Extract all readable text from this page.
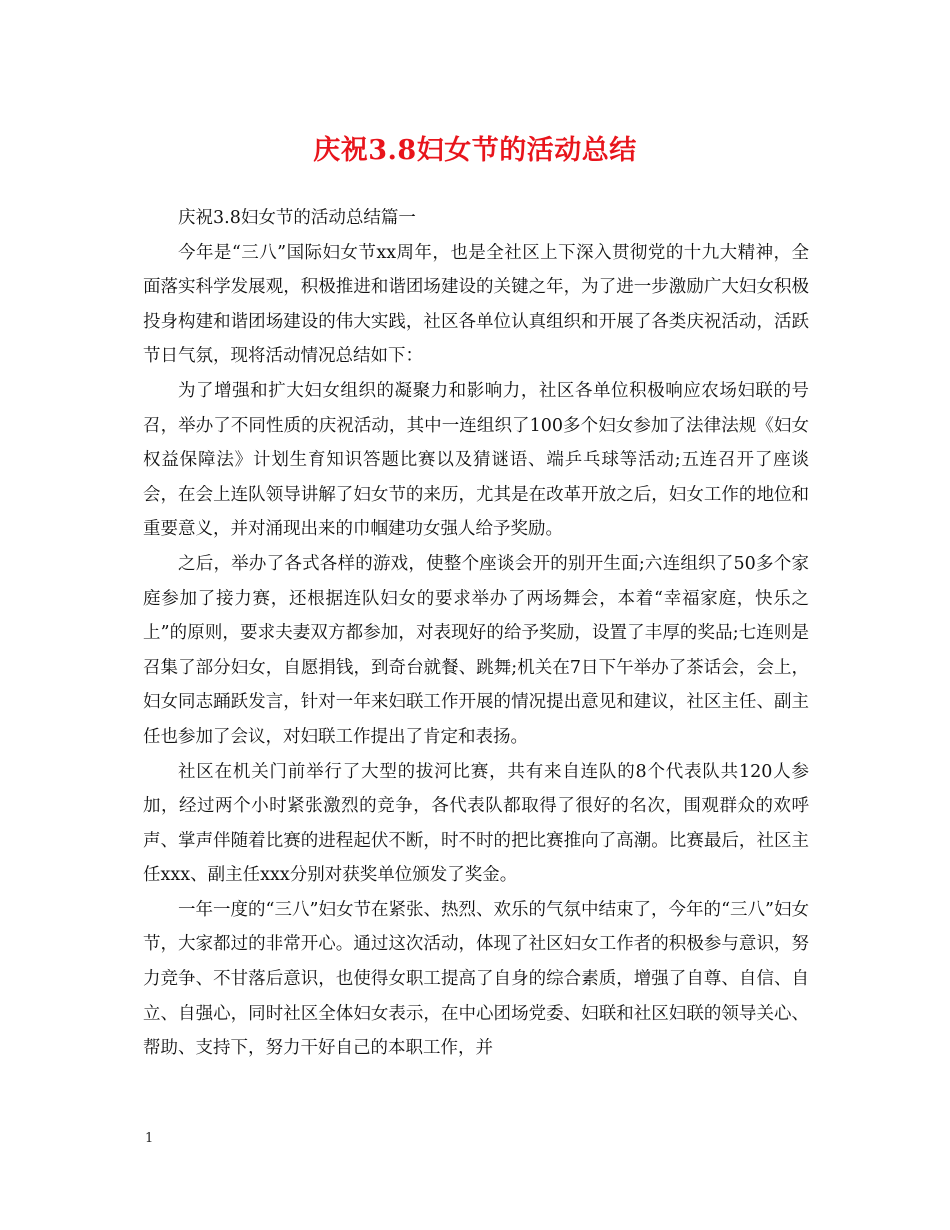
庆祝3.8妇女节的活动总结

庆祝3.8妇女节的活动总结篇一

今年是“三八”国际妇女节xx周年，也是全社区上下深入贯彻党的十九大精神，全面落实科学发展观，积极推进和谐团场建设的关键之年，为了进一步激励广大妇女积极投身构建和谐团场建设的伟大实践，社区各单位认真组织和开展了各类庆祝活动，活跃节日气氛，现将活动情况总结如下：

为了增强和扩大妇女组织的凝聚力和影响力，社区各单位积极响应农场妇联的号召，举办了不同性质的庆祝活动，其中一连组织了100多个妇女参加了法律法规《妇女权益保障法》计划生育知识答题比赛以及猜谜语、端乒乓球等活动;五连召开了座谈会，在会上连队领导讲解了妇女节的来历，尤其是在改革开放之后，妇女工作的地位和重要意义，并对涌现出来的巾帼建功女强人给予奖励。

之后，举办了各式各样的游戏，使整个座谈会开的别开生面;六连组织了50多个家庭参加了接力赛，还根据连队妇女的要求举办了两场舞会，本着“幸福家庭，快乐之上”的原则，要求夫妻双方都参加，对表现好的给予奖励，设置了丰厚的奖品;七连则是召集了部分妇女，自愿捐钱，到奇台就餐、跳舞;机关在7日下午举办了茶话会，会上，妇女同志踊跃发言，针对一年来妇联工作开展的情况提出意见和建议，社区主任、副主任也参加了会议，对妇联工作提出了肯定和表扬。

社区在机关门前举行了大型的拔河比赛，共有来自连队的8个代表队共120人参加，经过两个小时紧张激烈的竞争，各代表队都取得了很好的名次，围观群众的欢呼声、掌声伴随着比赛的进程起伏不断，时不时的把比赛推向了高潮。比赛最后，社区主任xxx、副主任xxx分别对获奖单位颁发了奖金。

一年一度的“三八”妇女节在紧张、热烈、欢乐的气氛中结束了，今年的“三八”妇女节，大家都过的非常开心。通过这次活动，体现了社区妇女工作者的积极参与意识，努力竞争、不甘落后意识，也使得女职工提高了自身的综合素质，增强了自尊、自信、自立、自强心，同时社区全体妇女表示，在中心团场党委、妇联和社区妇联的领导关心、帮助、支持下，努力干好自己的本职工作，并

1
